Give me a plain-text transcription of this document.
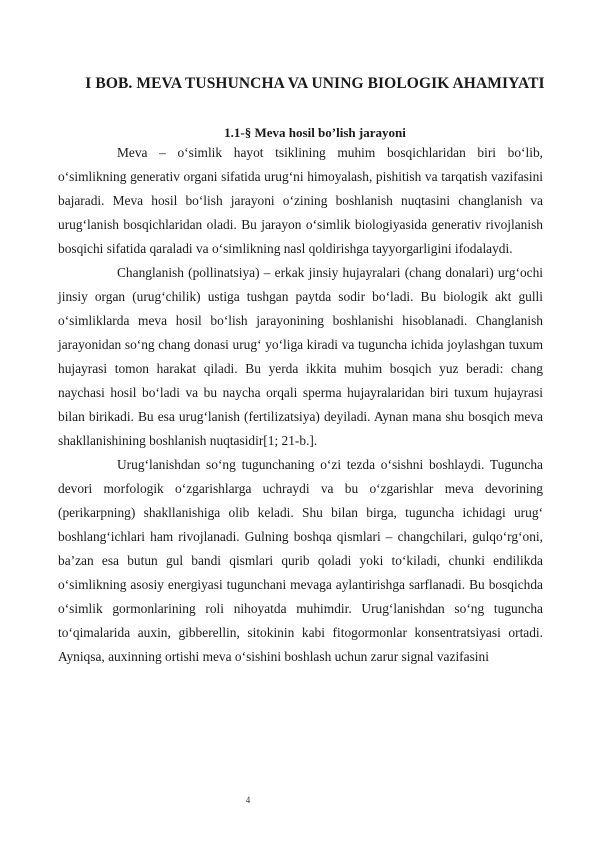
I BOB. MEVA TUSHUNCHA VA UNING BIOLOGIK AHAMIYATI
1.1-§ Meva hosil bo’lish jarayoni

Meva – o‘simlik hayot tsiklining muhim bosqichlaridan biri bo‘lib, o‘simlikning generativ organi sifatida urug‘ni himoyalash, pishitish va tarqatish vazifasini bajaradi. Meva hosil bo‘lish jarayoni o‘zining boshlanish nuqtasini changlanish va urug‘lanish bosqichlaridan oladi. Bu jarayon o‘simlik biologiyasida generativ rivojlanish bosqichi sifatida qaraladi va o‘simlikning nasl qoldirishga tayyorgarligini ifodalaydi.

Changlanish (pollinatsiya) – erkak jinsiy hujayralari (chang donalari) urg‘ochi jinsiy organ (urug‘chilik) ustiga tushgan paytda sodir bo‘ladi. Bu biologik akt gulli o‘simliklarda meva hosil bo‘lish jarayonining boshlanishi hisoblanadi. Changlanish jarayonidan so‘ng chang donasi urug‘ yo‘liga kiradi va tuguncha ichida joylashgan tuxum hujayrasi tomon harakat qiladi. Bu yerda ikkita muhim bosqich yuz beradi: chang naychasi hosil bo‘ladi va bu naycha orqali sperma hujayralaridan biri tuxum hujayrasi bilan birikadi. Bu esa urug‘lanish (fertilizatsiya) deyiladi. Aynan mana shu bosqich meva shakllanishining boshlanish nuqtasidir[1; 21-b.].

Urug‘lanishdan so‘ng tugunchaning o‘zi tezda o‘sishni boshlaydi. Tuguncha devori morfologik o‘zgarishlarga uchraydi va bu o‘zgarishlar meva devorining (perikarpning) shakllanishiga olib keladi. Shu bilan birga, tuguncha ichidagi urug‘ boshlang‘ichlari ham rivojlanadi. Gulning boshqa qismlari – changchilari, gulqo‘rg‘oni, ba’zan esa butun gul bandi qismlari qurib qoladi yoki to‘kiladi, chunki endilikda o‘simlikning asosiy energiyasi tugunchani mevaga aylantirishga sarflanadi. Bu bosqichda o‘simlik gormonlarining roli nihoyatda muhimdir. Urug‘lanishdan so‘ng tuguncha to‘qimalarida auxin, gibberellin, sitokinin kabi fitogormonlar konsentratsiyasi ortadi. Ayniqsa, auxinning ortishi meva o‘sishini boshlash uchun zarur signal vazifasini

4
